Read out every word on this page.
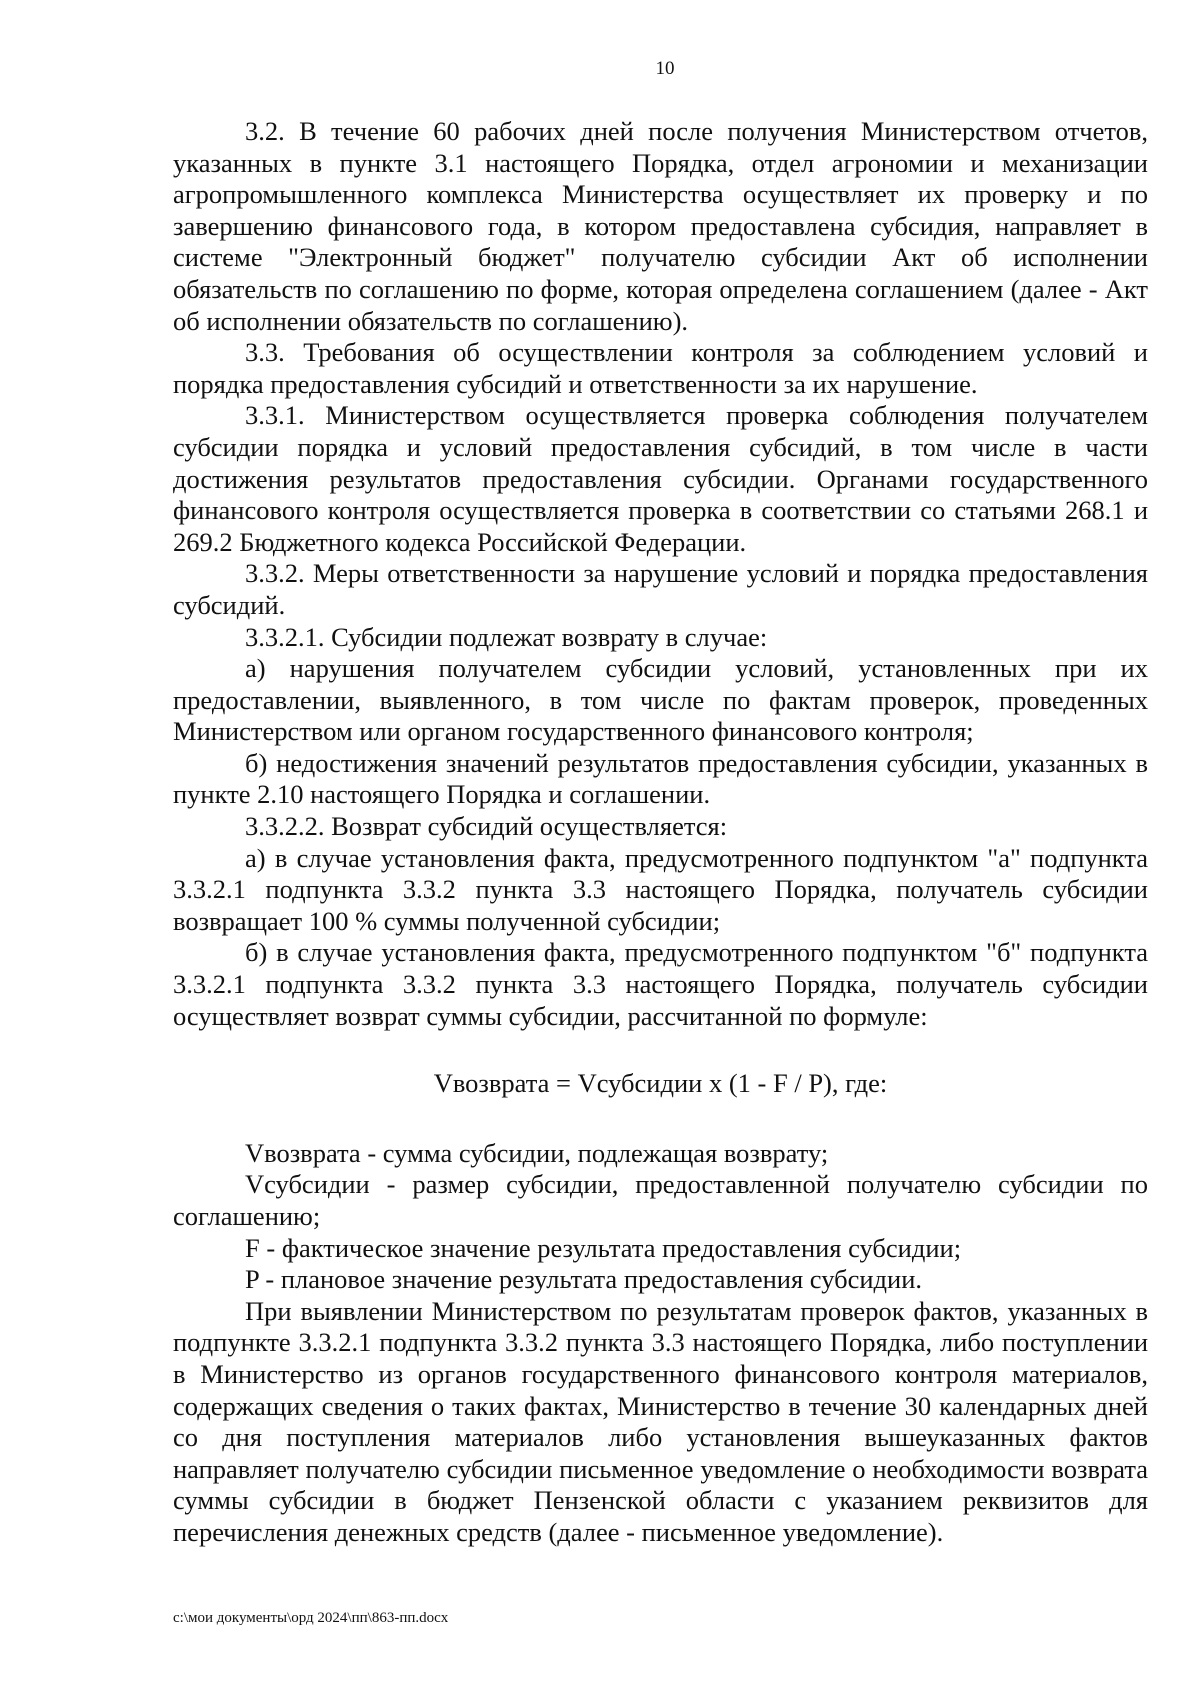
10

3.2. В течение 60 рабочих дней после получения Министерством отчетов, указанных в пункте 3.1 настоящего Порядка, отдел агрономии и механизации агропромышленного комплекса Министерства осуществляет их проверку и по завершению финансового года, в котором предоставлена субсидия, направляет в системе "Электронный бюджет" получателю субсидии Акт об исполнении обязательств по соглашению по форме, которая определена соглашением (далее - Акт об исполнении обязательств по соглашению).

3.3. Требования об осуществлении контроля за соблюдением условий и порядка предоставления субсидий и ответственности за их нарушение.

3.3.1. Министерством осуществляется проверка соблюдения получателем субсидии порядка и условий предоставления субсидий, в том числе в части достижения результатов предоставления субсидии. Органами государственного финансового контроля осуществляется проверка в соответствии со статьями 268.1 и 269.2 Бюджетного кодекса Российской Федерации.

3.3.2. Меры ответственности за нарушение условий и порядка предоставления субсидий.

3.3.2.1. Субсидии подлежат возврату в случае:

а) нарушения получателем субсидии условий, установленных при их предоставлении, выявленного, в том числе по фактам проверок, проведенных Министерством или органом государственного финансового контроля;

б) недостижения значений результатов предоставления субсидии, указанных в пункте 2.10 настоящего Порядка и соглашении.

3.3.2.2. Возврат субсидий осуществляется:

а) в случае установления факта, предусмотренного подпунктом "а" подпункта 3.3.2.1 подпункта 3.3.2 пункта 3.3 настоящего Порядка, получатель субсидии возвращает 100 % суммы полученной субсидии;

б) в случае установления факта, предусмотренного подпунктом "б" подпункта 3.3.2.1 подпункта 3.3.2 пункта 3.3 настоящего Порядка, получатель субсидии осуществляет возврат суммы субсидии, рассчитанной по формуле:

Vвозврата = Vсубсидии x (1 - F / P), где:

Vвозврата - сумма субсидии, подлежащая возврату;

Vсубсидии - размер субсидии, предоставленной получателю субсидии по соглашению;

F - фактическое значение результата предоставления субсидии;

P - плановое значение результата предоставления субсидии.

При выявлении Министерством по результатам проверок фактов, указанных в подпункте 3.3.2.1 подпункта 3.3.2 пункта 3.3 настоящего Порядка, либо поступлении в Министерство из органов государственного финансового контроля материалов, содержащих сведения о таких фактах, Министерство в течение 30 календарных дней со дня поступления материалов либо установления вышеуказанных фактов направляет получателю субсидии письменное уведомление о необходимости возврата суммы субсидии в бюджет Пензенской области с указанием реквизитов для перечисления денежных средств (далее - письменное уведомление).

c:\мои документы\орд 2024\пп\863-пп.docx
